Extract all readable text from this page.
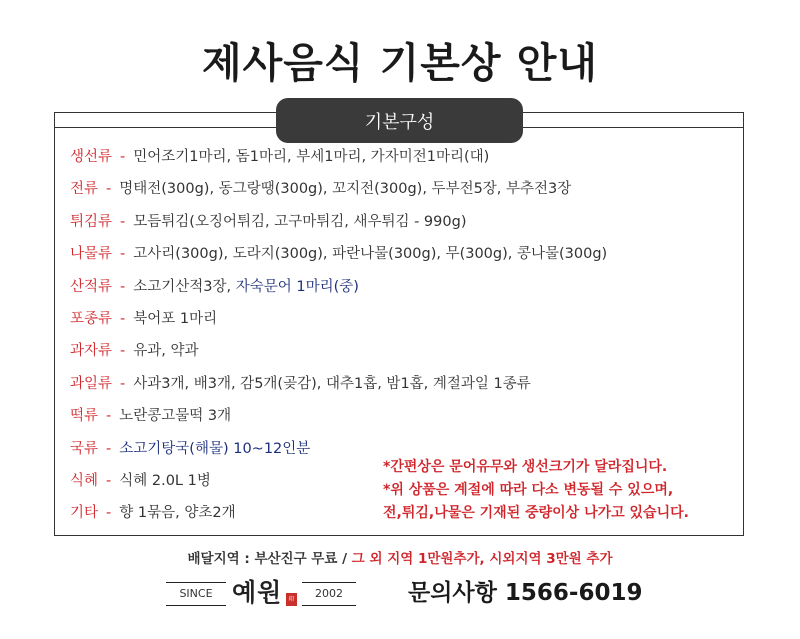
제사음식 기본상 안내
기본구성
생선류 - 민어조기1마리, 돔1마리, 부세1마리, 가자미전1마리(대)
전류 - 명태전(300g), 동그랑땡(300g), 꼬지전(300g), 두부전5장, 부추전3장
튀김류 - 모듬튀김(오징어튀김, 고구마튀김, 새우튀김 - 990g)
나물류 - 고사리(300g), 도라지(300g), 파란나물(300g), 무(300g), 콩나물(300g)
산적류 - 소고기산적3장, 자숙문어 1마리(중)
포종류 - 북어포 1마리
과자류 - 유과, 약과
과일류 - 사과3개, 배3개, 감5개(곶감), 대추1홉, 밤1홉, 계절과일 1종류
떡류 - 노란콩고물떡 3개
국류 - 소고기탕국(해물) 10~12인분
식혜 - 식혜 2.0L 1병
기타 - 향 1묶음, 양초2개
*간편상은 문어유무와 생선크기가 달라집니다.
*위 상품은 계절에 따라 다소 변동될 수 있으며,
전,튀김,나물은 기재된 중량이상 나가고 있습니다.
배달지역 : 부산진구 무료 / 그 외 지역 1만원추가, 시외지역 3만원 추가
SINCE 예원	印	2002	문의사항 1566-6019
